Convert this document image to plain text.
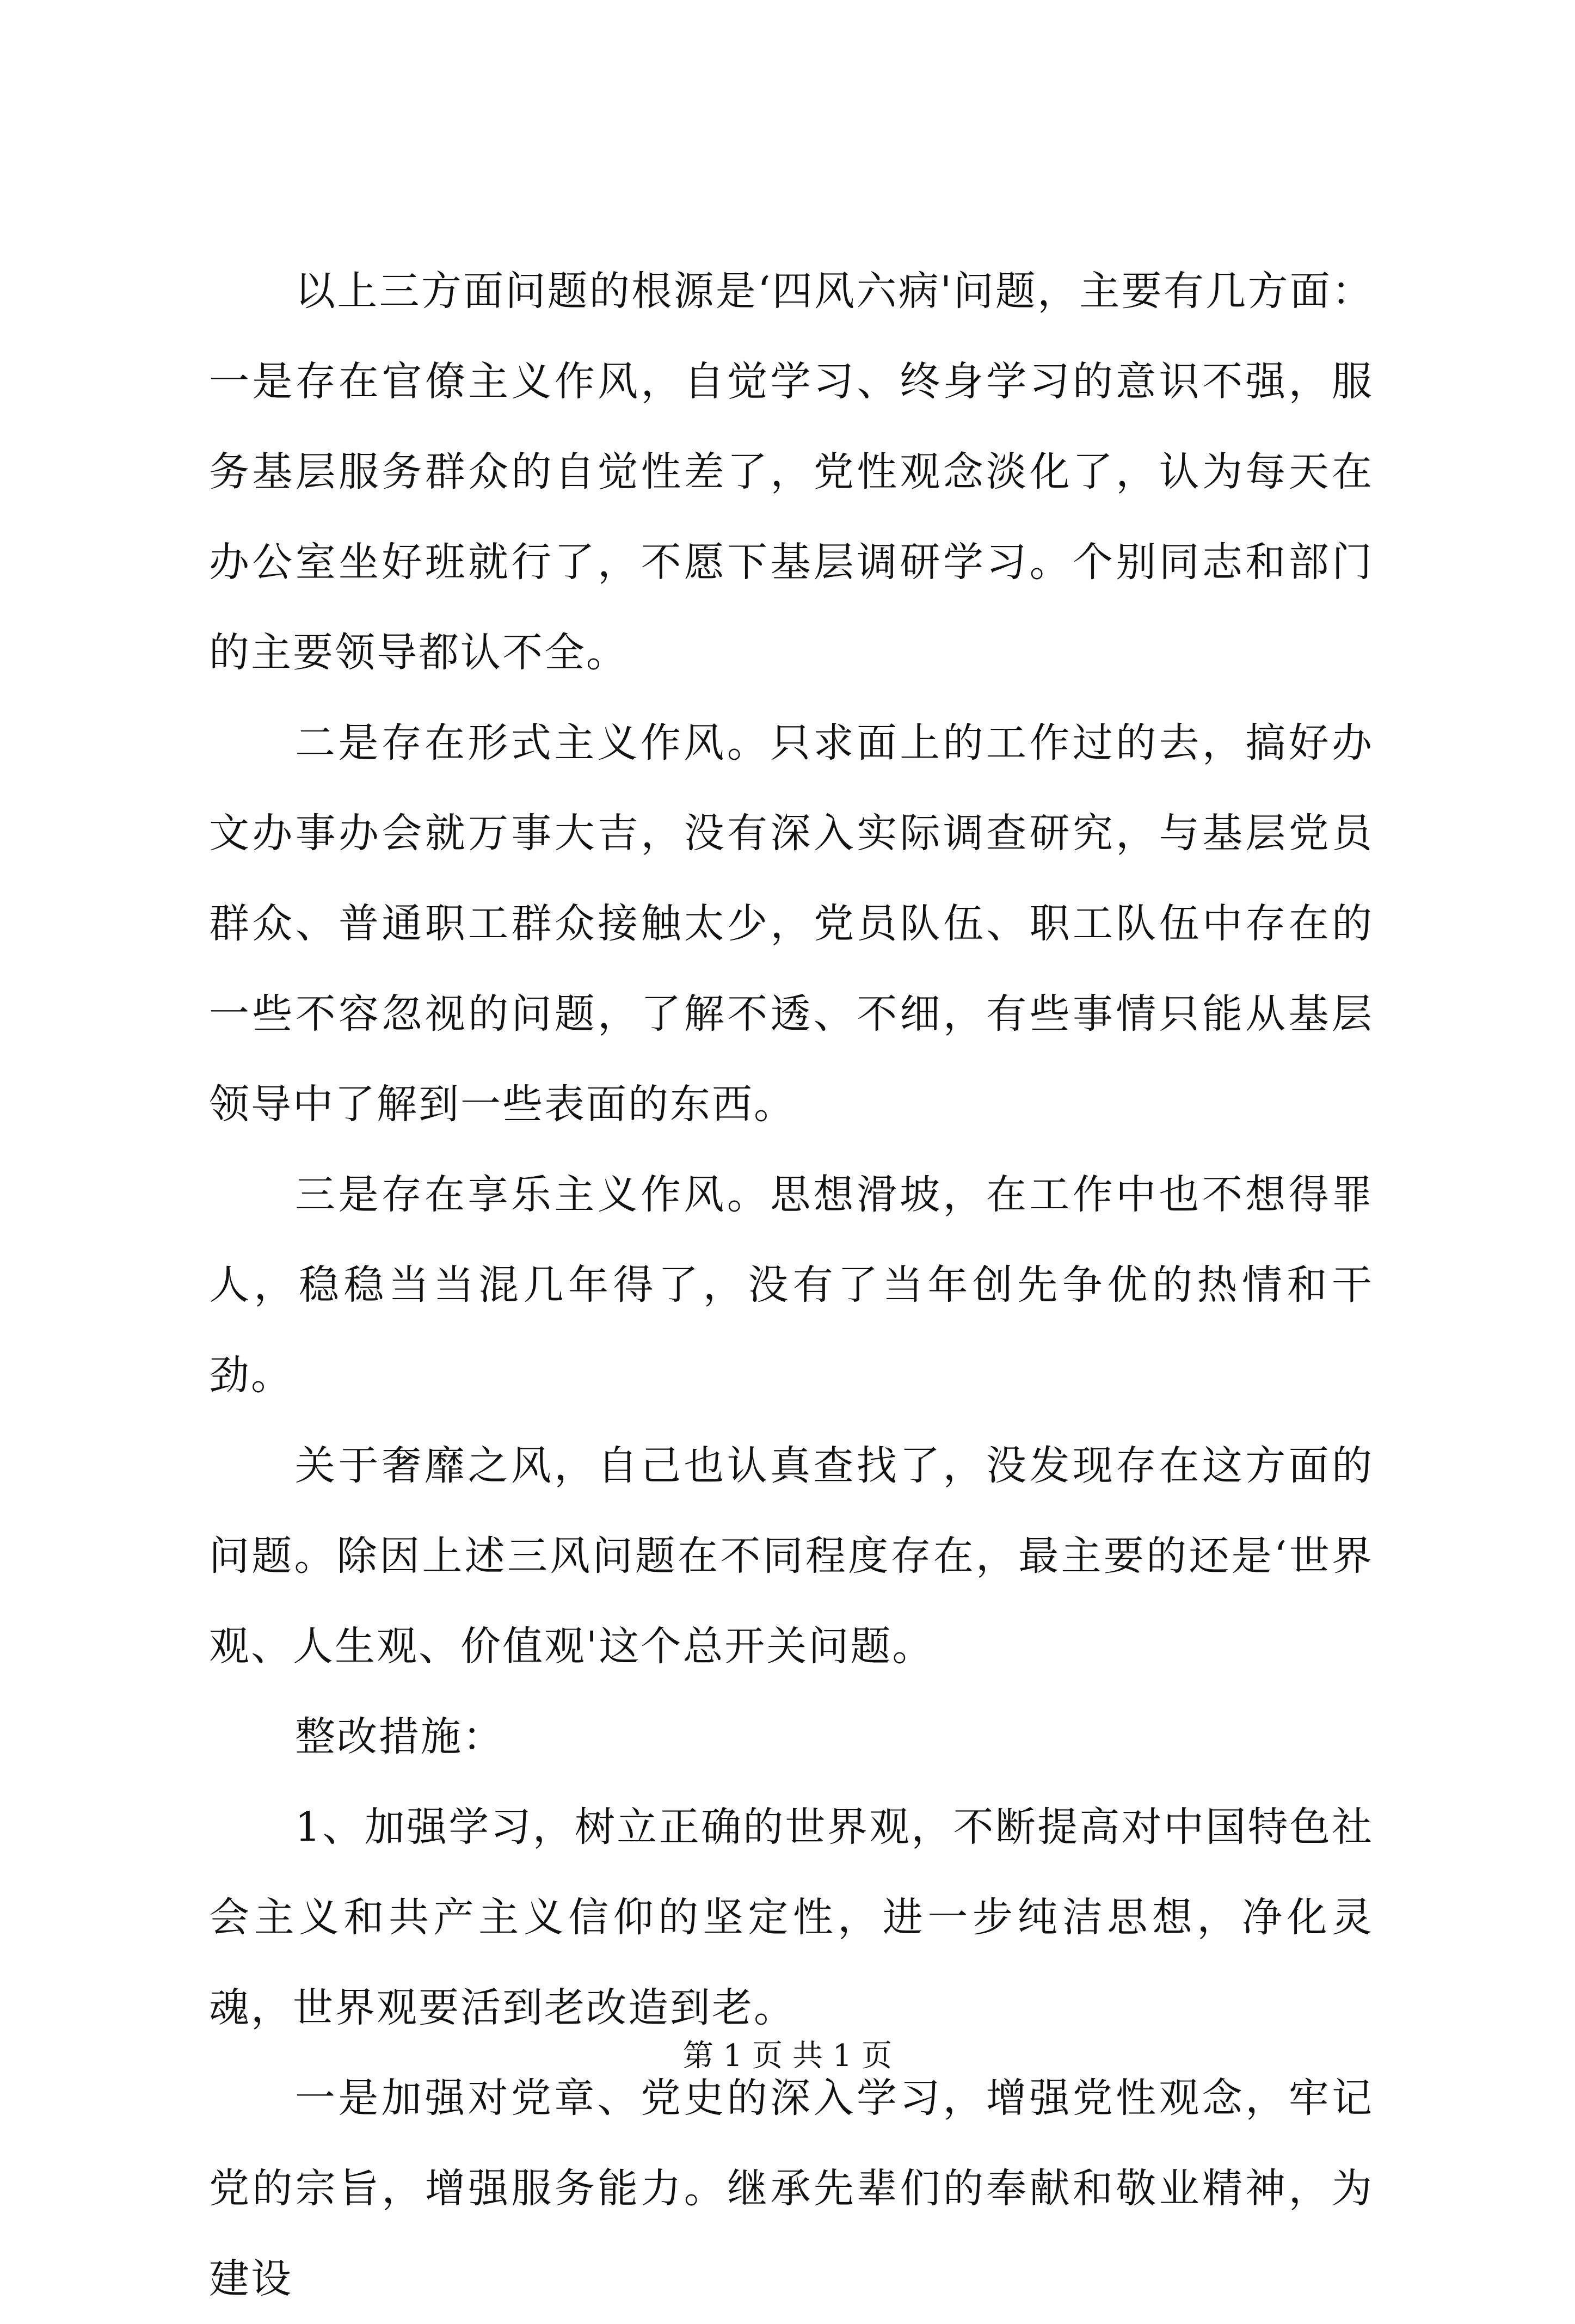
以上三方面问题的根源是‘四风六病'问题，主要有几方面：一是存在官僚主义作风，自觉学习、终身学习的意识不强，服务基层服务群众的自觉性差了，党性观念淡化了，认为每天在办公室坐好班就行了，不愿下基层调研学习。个别同志和部门的主要领导都认不全。

二是存在形式主义作风。只求面上的工作过的去，搞好办文办事办会就万事大吉，没有深入实际调查研究，与基层党员群众、普通职工群众接触太少，党员队伍、职工队伍中存在的一些不容忽视的问题，了解不透、不细，有些事情只能从基层领导中了解到一些表面的东西。

三是存在享乐主义作风。思想滑坡，在工作中也不想得罪人，稳稳当当混几年得了，没有了当年创先争优的热情和干劲。

关于奢靡之风，自己也认真查找了，没发现存在这方面的问题。除因上述三风问题在不同程度存在，最主要的还是‘世界观、人生观、价值观'这个总开关问题。

整改措施：

1、加强学习，树立正确的世界观，不断提高对中国特色社会主义和共产主义信仰的坚定性，进一步纯洁思想，净化灵魂，世界观要活到老改造到老。

一是加强对党章、党史的深入学习，增强党性观念，牢记党的宗旨，增强服务能力。继承先辈们的奉献和敬业精神，为建设

第 1 页 共 1 页
